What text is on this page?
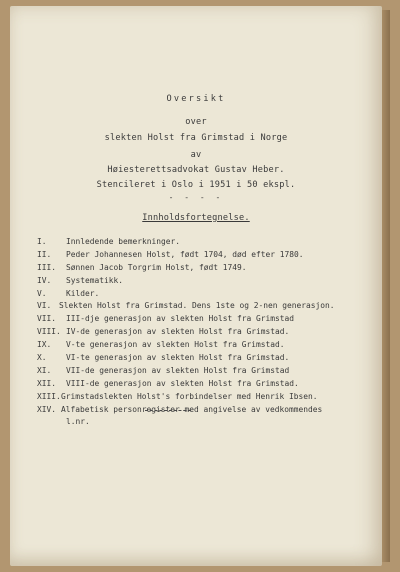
Oversikt
over
slekten Holst fra Grimstad i Norge
av
Høiesterettsadvokat Gustav Heber.
Stencileret i Oslo i 1951 i 50 ekspl.
- - - -
Innholdsfortegnelse.
I.	Innledende bemerkninger.
II.	Peder Johannesen Holst, født 1704, død efter 1780.
III.	Sønnen Jacob Torgrim Holst, født 1749.
IV.	Systematikk.
V.	Kilder.
VI. Slekten Holst fra Grimstad. Dens 1ste og 2-nen generasjon.
VII.	III-dje generasjon av slekten Holst fra Grimstad
VIII. IV-de generasjon av slekten Holst fra Grimstad.
IX.	V-te generasjon av slekten Holst fra Grimstad.
X.	VI-te generasjon av slekten Holst fra Grimstad.
XI.	VII-de generasjon av slekten Holst fra Grimstad
XII.	VIII-de generasjon av slekten Holst fra Grimstad.
XIII. Grimstadslekten Holst's forbindelser med Henrik Ibsen.
XIV. Alfabetisk personregister med angivelse av vedkommendes
l.nr.
